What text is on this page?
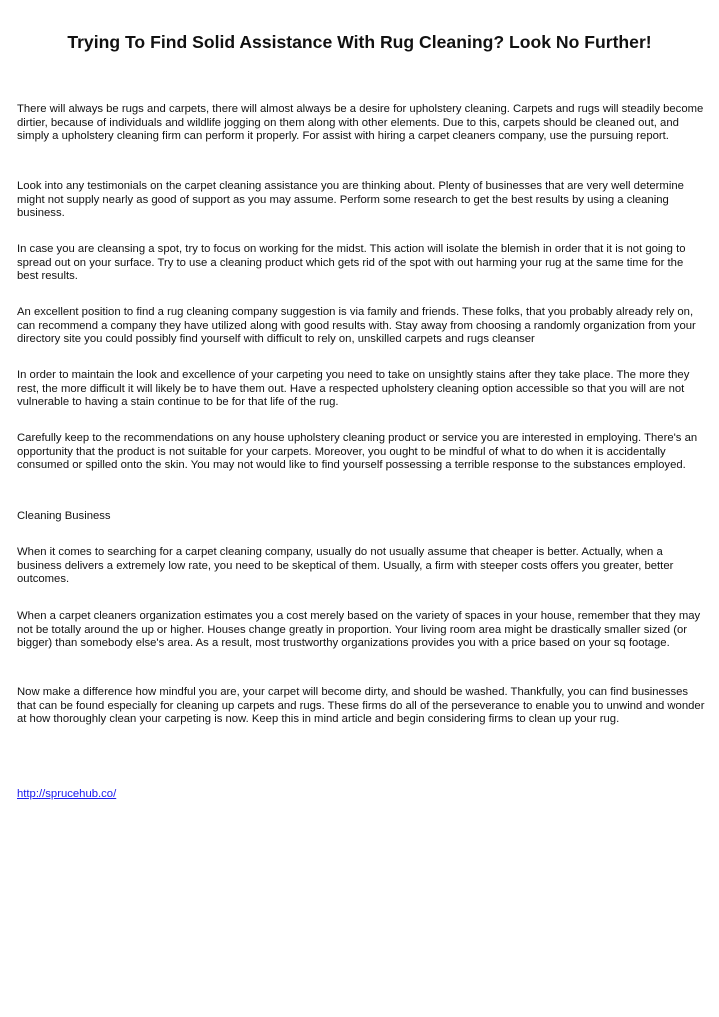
Trying To Find Solid Assistance With Rug Cleaning? Look No Further!

There will always be rugs and carpets, there will almost always be a desire for upholstery cleaning. Carpets and rugs will steadily become dirtier, because of individuals and wildlife jogging on them along with other elements. Due to this, carpets should be cleaned out, and simply a upholstery cleaning firm can perform it properly. For assist with hiring a carpet cleaners company, use the pursuing report.

Look into any testimonials on the carpet cleaning assistance you are thinking about. Plenty of businesses that are very well determine might not supply nearly as good of support as you may assume. Perform some research to get the best results by using a cleaning business.

In case you are cleansing a spot, try to focus on working for the midst. This action will isolate the blemish in order that it is not going to spread out on your surface. Try to use a cleaning product which gets rid of the spot with out harming your rug at the same time for the best results.

An excellent position to find a rug cleaning company suggestion is via family and friends. These folks, that you probably already rely on, can recommend a company they have utilized along with good results with. Stay away from choosing a randomly organization from your directory site you could possibly find yourself with difficult to rely on, unskilled carpets and rugs cleanser

In order to maintain the look and excellence of your carpeting you need to take on unsightly stains after they take place. The more they rest, the more difficult it will likely be to have them out. Have a respected upholstery cleaning option accessible so that you will are not vulnerable to having a stain continue to be for that life of the rug.

Carefully keep to the recommendations on any house upholstery cleaning product or service you are interested in employing. There's an opportunity that the product is not suitable for your carpets. Moreover, you ought to be mindful of what to do when it is accidentally consumed or spilled onto the skin. You may not would like to find yourself possessing a terrible response to the substances employed.

Cleaning Business

When it comes to searching for a carpet cleaning company, usually do not usually assume that cheaper is better. Actually, when a business delivers a extremely low rate, you need to be skeptical of them. Usually, a firm with steeper costs offers you greater, better outcomes.

When a carpet cleaners organization estimates you a cost merely based on the variety of spaces in your house, remember that they may not be totally around the up or higher. Houses change greatly in proportion. Your living room area might be drastically smaller sized (or bigger) than somebody else's area. As a result, most trustworthy organizations provides you with a price based on your sq footage.

Now make a difference how mindful you are, your carpet will become dirty, and should be washed. Thankfully, you can find businesses that can be found especially for cleaning up carpets and rugs. These firms do all of the perseverance to enable you to unwind and wonder at how thoroughly clean your carpeting is now. Keep this in mind article and begin considering firms to clean up your rug.

http://sprucehub.co/
